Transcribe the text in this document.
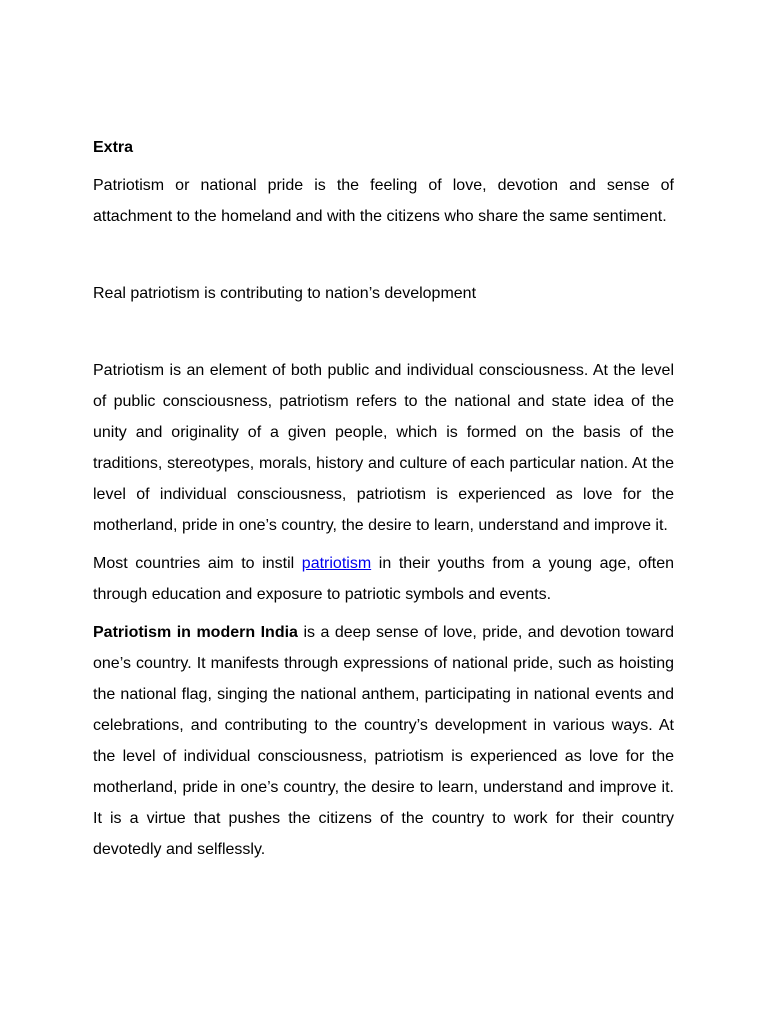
Extra

Patriotism or national pride is the feeling of love, devotion and sense of attachment to the homeland and with the citizens who share the same sentiment.

Real patriotism is contributing to nation’s development

Patriotism is an element of both public and individual consciousness. At the level of public consciousness, patriotism refers to the national and state idea of the unity and originality of a given people, which is formed on the basis of the traditions, stereotypes, morals, history and culture of each particular nation. At the level of individual consciousness, patriotism is experienced as love for the motherland, pride in one’s country, the desire to learn, understand and improve it.

Most countries aim to instil patriotism in their youths from a young age, often through education and exposure to patriotic symbols and events.

Patriotism in modern India is a deep sense of love, pride, and devotion toward one’s country. It manifests through expressions of national pride, such as hoisting the national flag, singing the national anthem, participating in national events and celebrations, and contributing to the country’s development in various ways. At the level of individual consciousness, patriotism is experienced as love for the motherland, pride in one’s country, the desire to learn, understand and improve it. It is a virtue that pushes the citizens of the country to work for their country devotedly and selflessly.
